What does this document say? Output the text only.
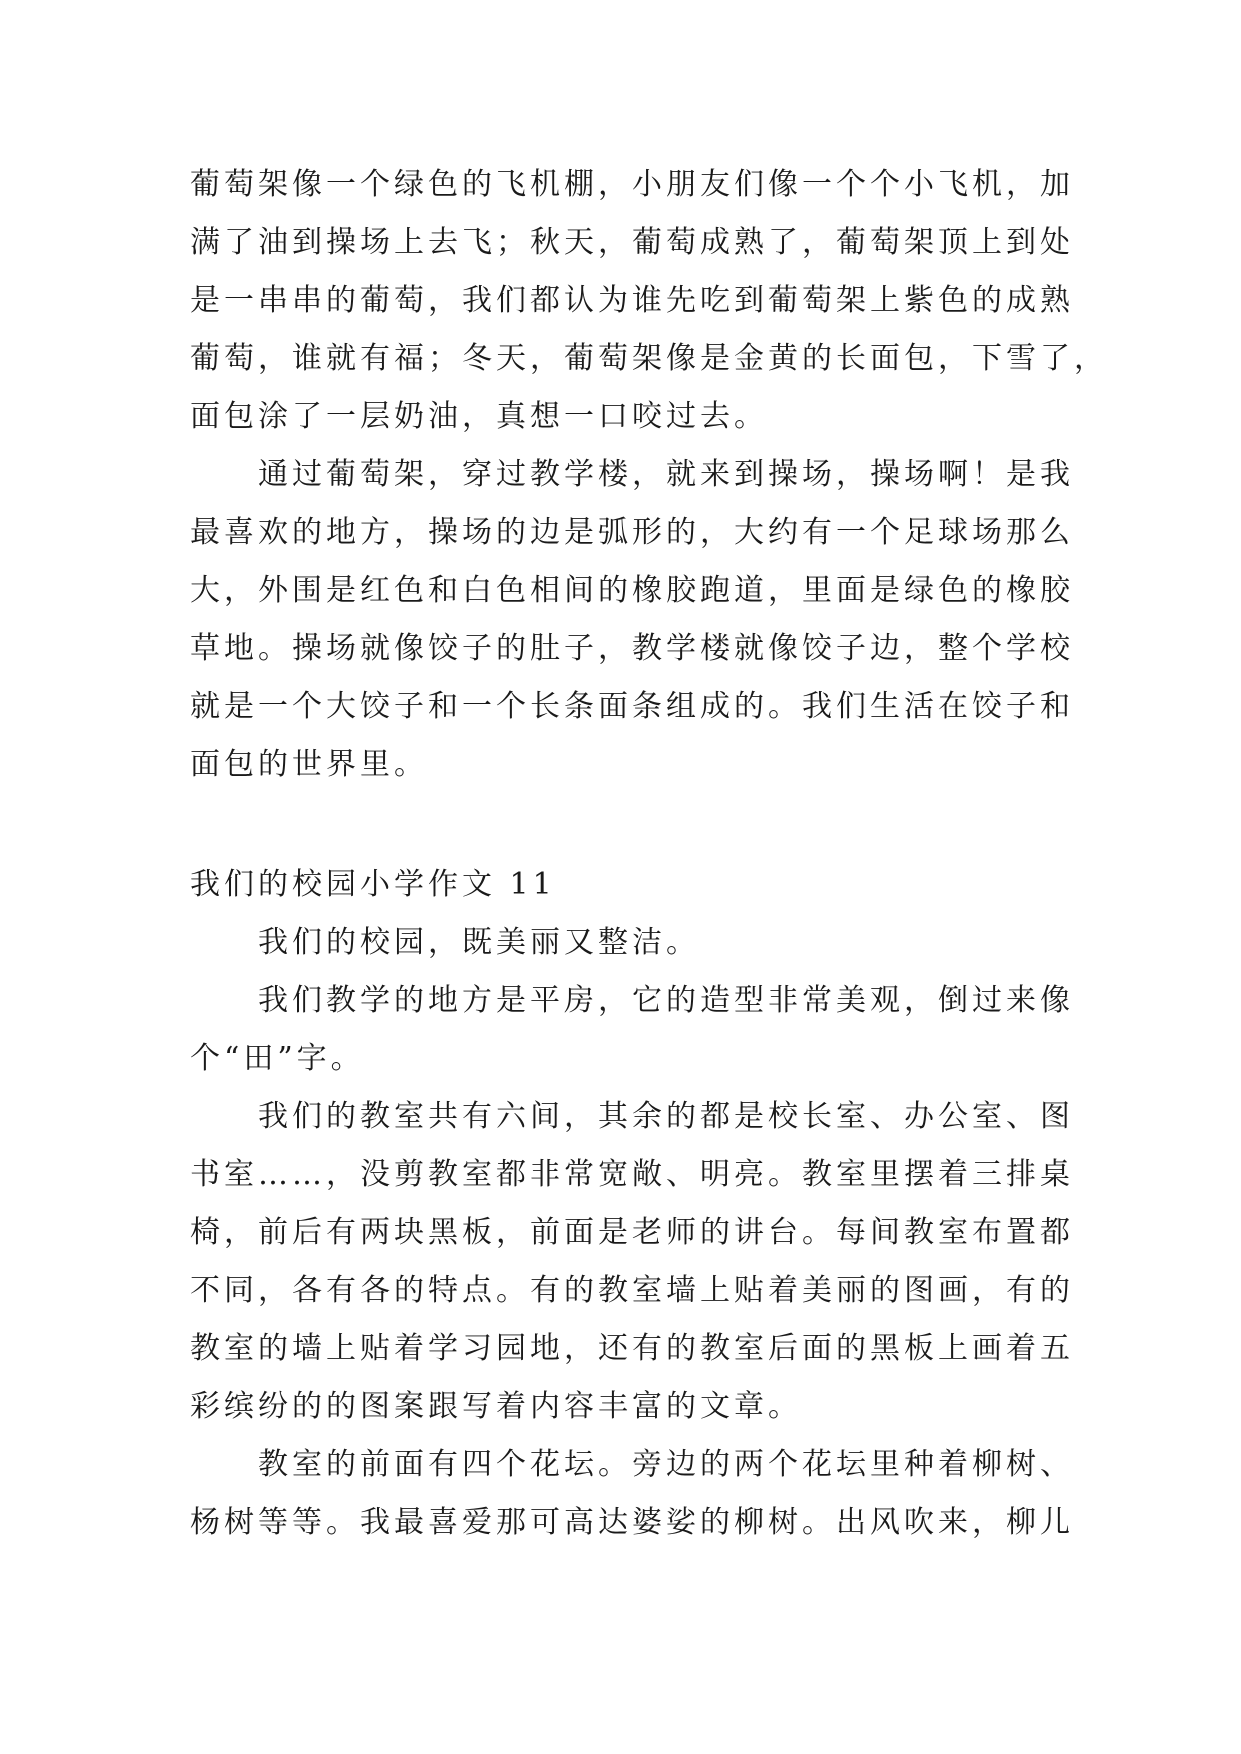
葡萄架像一个绿色的飞机棚，小朋友们像一个个小飞机，加
满了油到操场上去飞；秋天，葡萄成熟了，葡萄架顶上到处
是一串串的葡萄，我们都认为谁先吃到葡萄架上紫色的成熟
葡萄，谁就有福；冬天，葡萄架像是金黄的长面包，下雪了，
面包涂了一层奶油，真想一口咬过去。
通过葡萄架，穿过教学楼，就来到操场，操场啊！是我
最喜欢的地方，操场的边是弧形的，大约有一个足球场那么
大，外围是红色和白色相间的橡胶跑道，里面是绿色的橡胶
草地。操场就像饺子的肚子，教学楼就像饺子边，整个学校
就是一个大饺子和一个长条面条组成的。我们生活在饺子和
面包的世界里。
我们的校园小学作文 11
我们的校园，既美丽又整洁。
我们教学的地方是平房，它的造型非常美观，倒过来像
个“田”字。
我们的教室共有六间，其余的都是校长室、办公室、图
书室……，没剪教室都非常宽敞、明亮。教室里摆着三排桌
椅，前后有两块黑板，前面是老师的讲台。每间教室布置都
不同，各有各的特点。有的教室墙上贴着美丽的图画，有的
教室的墙上贴着学习园地，还有的教室后面的黑板上画着五
彩缤纷的的图案跟写着内容丰富的文章。
教室的前面有四个花坛。旁边的两个花坛里种着柳树、
杨树等等。我最喜爱那可高达婆娑的柳树。出风吹来，柳儿
